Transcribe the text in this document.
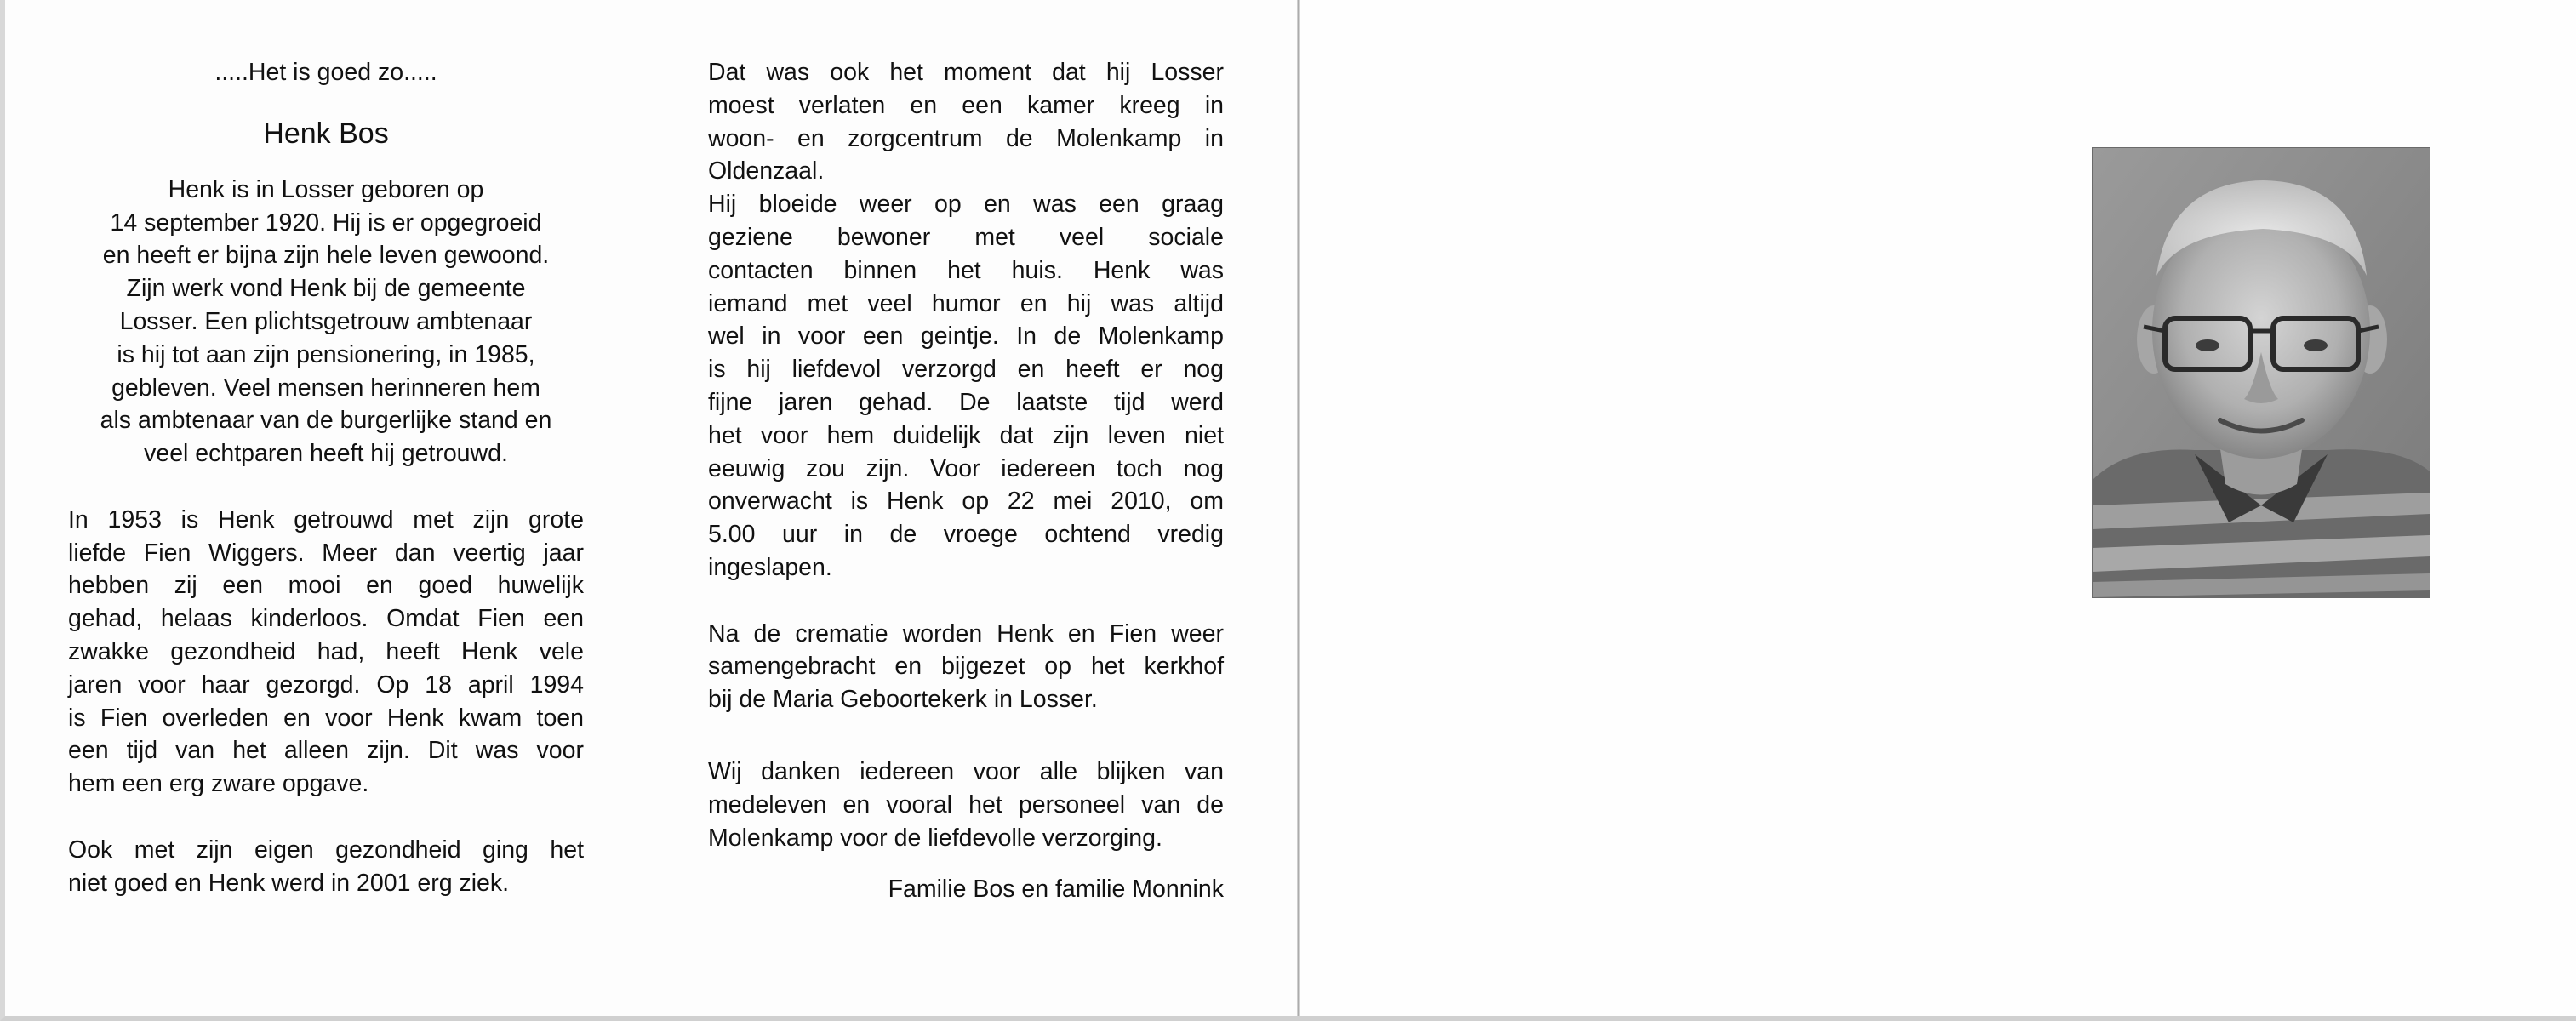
.....Het is goed zo.....

Henk Bos

Henk is in Losser geboren op
14 september 1920. Hij is er opgegroeid
en heeft er bijna zijn hele leven gewoond.
Zijn werk vond Henk bij de gemeente
Losser. Een plichtsgetrouw ambtenaar
is hij tot aan zijn pensionering, in 1985,
gebleven. Veel mensen herinneren hem
als ambtenaar van de burgerlijke stand en
veel echtparen heeft hij getrouwd.

In 1953 is Henk getrouwd met zijn grote
liefde Fien Wiggers. Meer dan veertig jaar
hebben zij een mooi en goed huwelijk
gehad, helaas kinderloos. Omdat Fien een
zwakke gezondheid had, heeft Henk vele
jaren voor haar gezorgd. Op 18 april 1994
is Fien overleden en voor Henk kwam toen
een tijd van het alleen zijn. Dit was voor
hem een erg zware opgave.

Ook met zijn eigen gezondheid ging het
niet goed en Henk werd in 2001 erg ziek.

Dat was ook het moment dat hij Losser
moest verlaten en een kamer kreeg in
woon- en zorgcentrum de Molenkamp in
Oldenzaal.

Hij bloeide weer op en was een graag
geziene bewoner met veel sociale
contacten binnen het huis. Henk was
iemand met veel humor en hij was altijd
wel in voor een geintje. In de Molenkamp
is hij liefdevol verzorgd en heeft er nog
fijne jaren gehad. De laatste tijd werd
het voor hem duidelijk dat zijn leven niet
eeuwig zou zijn. Voor iedereen toch nog
onverwacht is Henk op 22 mei 2010, om
5.00 uur in de vroege ochtend vredig
ingeslapen.

Na de crematie worden Henk en Fien weer
samengebracht en bijgezet op het kerkhof
bij de Maria Geboortekerk in Losser.

Wij danken iedereen voor alle blijken van
medeleven en vooral het personeel van de
Molenkamp voor de liefdevolle verzorging.

Familie Bos en familie Monnink
